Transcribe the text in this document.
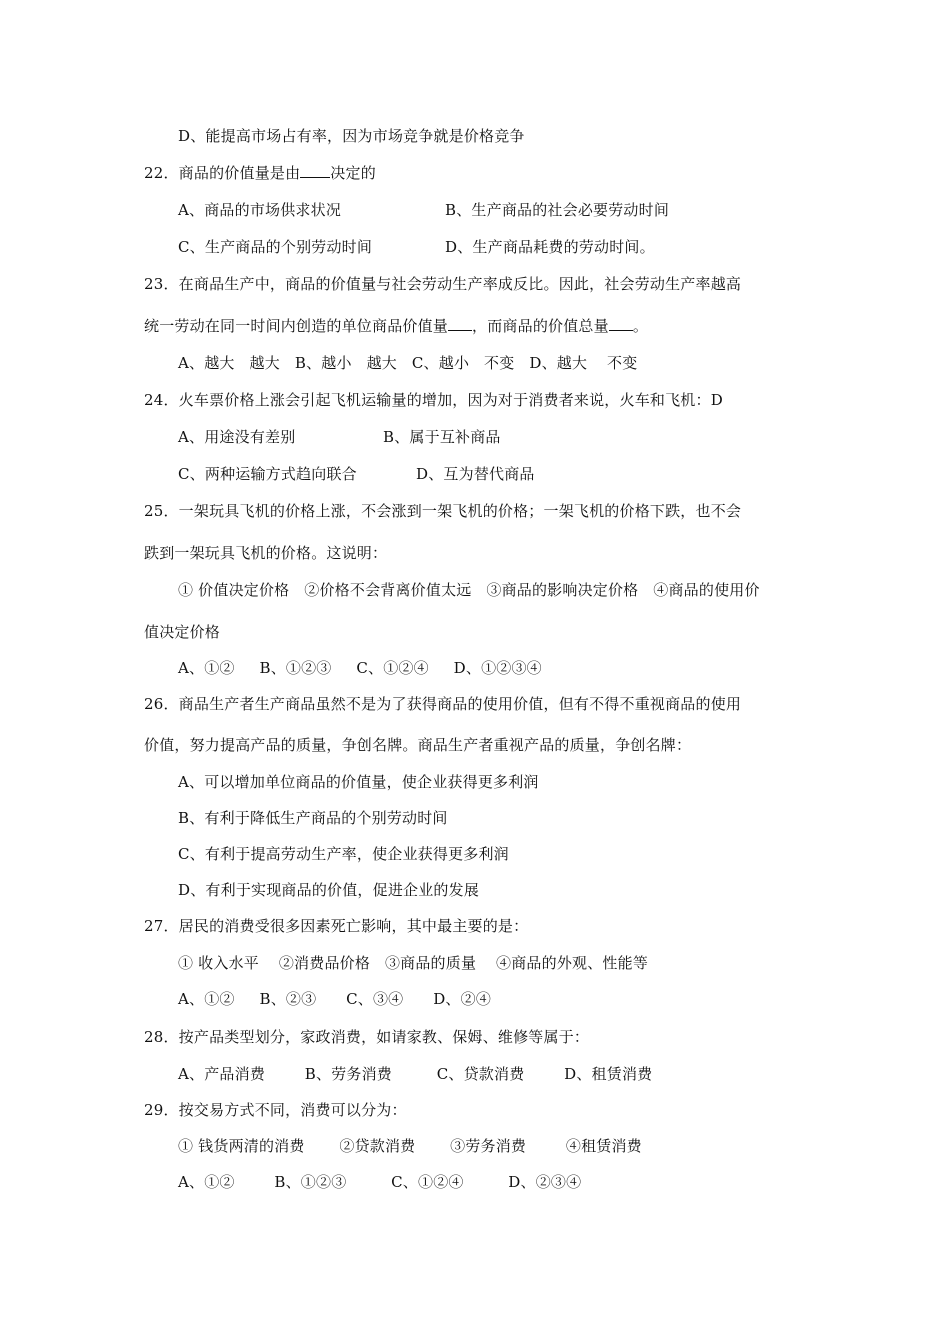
D、能提高市场占有率，因为市场竞争就是价格竞争
22．商品的价值量是由 决定的
A、商品的市场供求状况	B、生产商品的社会必要劳动时间
C、生产商品的个别劳动时间	D、生产商品耗费的劳动时间。
23．在商品生产中，商品的价值量与社会劳动生产率成反比。因此，社会劳动生产率越高
统一劳动在同一时间内创造的单位商品价值量 ，而商品的价值总量 。
A、越大   越大   B、越小   越大   C、越小   不变   D、越大    不变
24．火车票价格上涨会引起飞机运输量的增加，因为对于消费者来说，火车和飞机：D
A、用途没有差别	B、属于互补商品
C、两种运输方式趋向联合	D、互为替代商品
25．一架玩具飞机的价格上涨，不会涨到一架飞机的价格；一架飞机的价格下跌，也不会
跌到一架玩具飞机的价格。这说明：
① 价值决定价格   ②价格不会背离价值太远   ③商品的影响决定价格   ④商品的使用价
值决定价格
A、①②     B、①②③     C、①②④     D、①②③④
26．商品生产者生产商品虽然不是为了获得商品的使用价值，但有不得不重视商品的使用
价值，努力提高产品的质量，争创名牌。商品生产者重视产品的质量，争创名牌：
A、可以增加单位商品的价值量，使企业获得更多利润
B、有利于降低生产商品的个别劳动时间
C、有利于提高劳动生产率，使企业获得更多利润
D、有利于实现商品的价值，促进企业的发展
27．居民的消费受很多因素死亡影响，其中最主要的是：
① 收入水平    ②消费品价格   ③商品的质量    ④商品的外观、性能等
A、①②     B、②③      C、③④      D、②④
28．按产品类型划分，家政消费，如请家教、保姆、维修等属于：
A、产品消费        B、劳务消费         C、贷款消费        D、租赁消费
29．按交易方式不同，消费可以分为：
① 钱货两清的消费       ②贷款消费       ③劳务消费        ④租赁消费
A、①②        B、①②③         C、①②④         D、②③④
